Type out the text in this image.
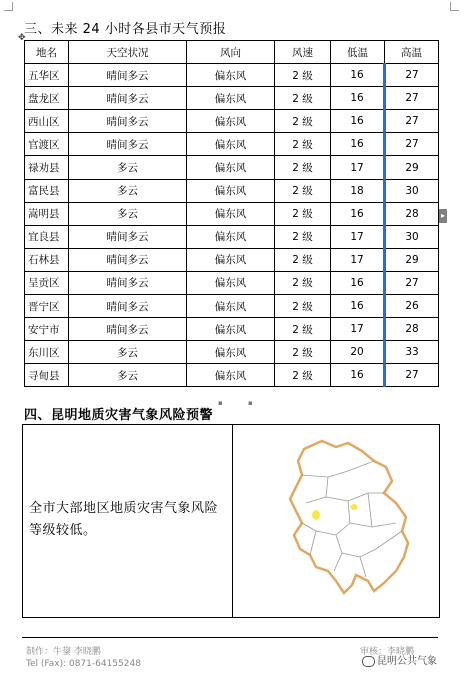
三、未来 24 小时各县市天气预报
✥
地名	天空状况	风向	风速	低温	高温
五华区	晴间多云	偏东风	2 级	16	27
盘龙区	晴间多云	偏东风	2 级	16	27
西山区	晴间多云	偏东风	2 级	16	27
官渡区	晴间多云	偏东风	2 级	16	27
禄劝县	多云	偏东风	2 级	17	29
富民县	多云	偏东风	2 级	18	30
嵩明县	多云	偏东风	2 级	16	28
宜良县	晴间多云	偏东风	2 级	17	30
石林县	晴间多云	偏东风	2 级	17	29
呈贡区	晴间多云	偏东风	2 级	16	27
晋宁区	晴间多云	偏东风	2 级	16	26
安宁市	晴间多云	偏东风	2 级	17	28
东川区	多云	偏东风	2 级	20	33
寻甸县	多云	偏东风	2 级	16	27
▸
▪	▪
四、昆明地质灾害气象风险预警
全市大部地区地质灾害气象风险等级较低。
制作：牛鋆 李晓鹏
Tel (Fax): 0871-64155248
审核：李晓鹏
昆明公共气象
